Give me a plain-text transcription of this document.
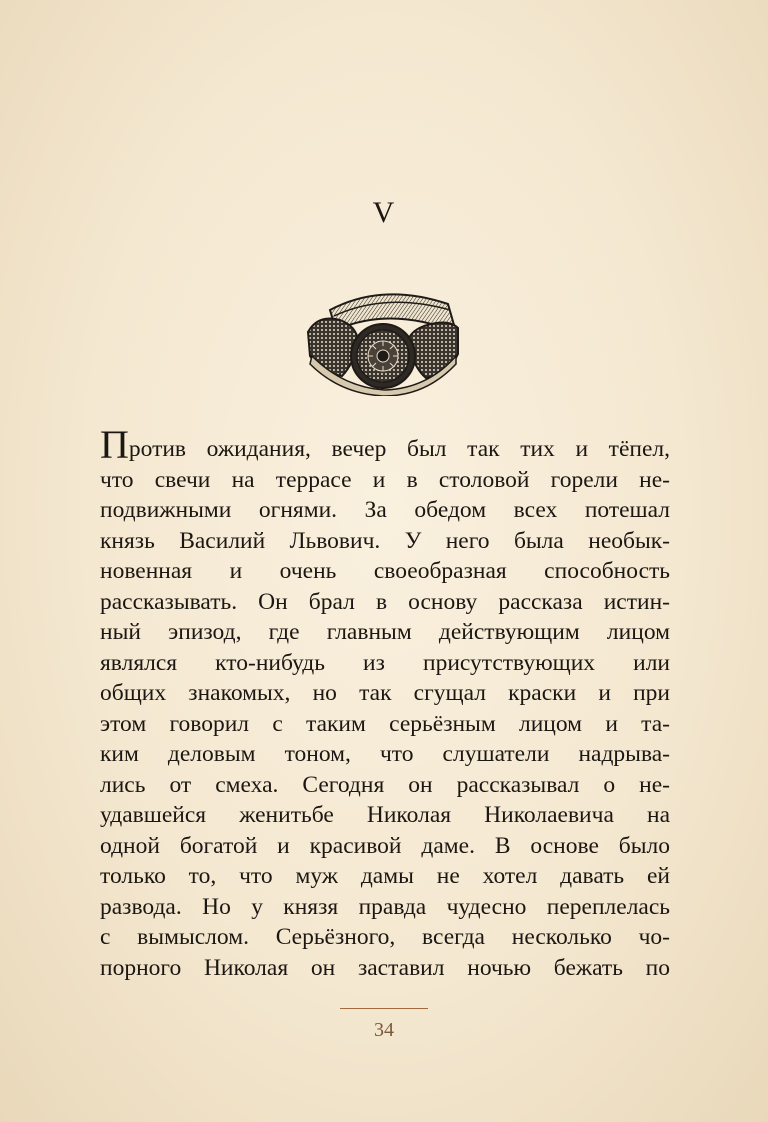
V
Против ожидания, вечер был так тих и тёпел,
что свечи на террасе и в столовой горели не-
подвижными огнями. За обедом всех потешал
князь Василий Львович. У него была необык-
новенная и очень своеобразная способность
рассказывать. Он брал в основу рассказа истин-
ный эпизод, где главным действующим лицом
являлся кто-нибудь из присутствующих или
общих знакомых, но так сгущал краски и при
этом говорил с таким серьёзным лицом и та-
ким деловым тоном, что слушатели надрыва-
лись от смеха. Сегодня он рассказывал о не-
удавшейся женитьбе Николая Николаевича на
одной богатой и красивой даме. В основе было
только то, что муж дамы не хотел давать ей
развода. Но у князя правда чудесно переплелась
с вымыслом. Серьёзного, всегда несколько чо-
порного Николая он заставил ночью бежать по
34
